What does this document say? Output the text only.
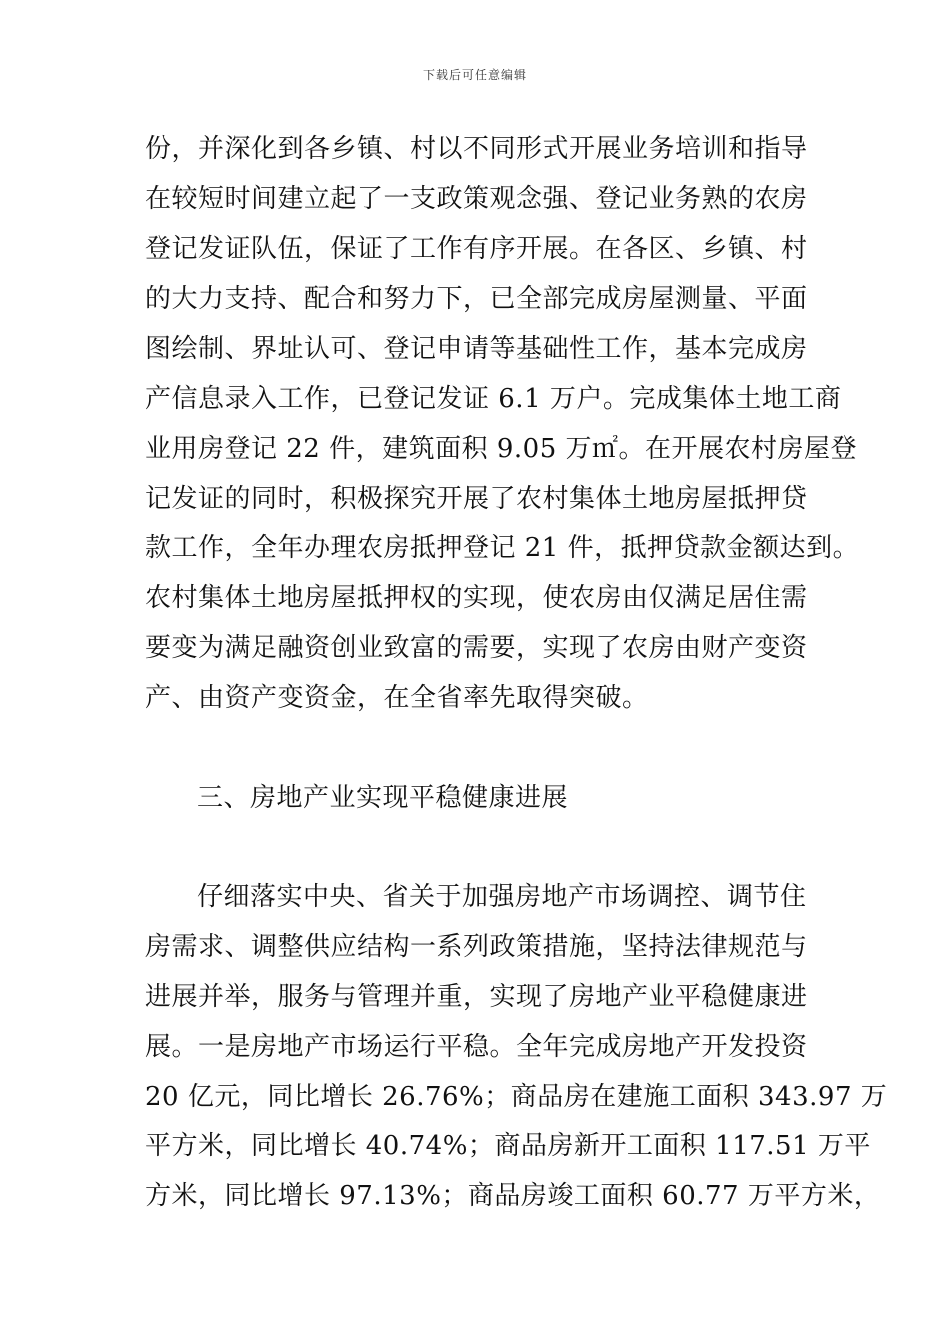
下载后可任意编辑
份，并深化到各乡镇、村以不同形式开展业务培训和指导
在较短时间建立起了一支政策观念强、登记业务熟的农房
登记发证队伍，保证了工作有序开展。在各区、乡镇、村
的大力支持、配合和努力下，已全部完成房屋测量、平面
图绘制、界址认可、登记申请等基础性工作，基本完成房
产信息录入工作，已登记发证 6.1 万户。完成集体土地工商
业用房登记 22 件，建筑面积 9.05 万㎡。在开展农村房屋登
记发证的同时，积极探究开展了农村集体土地房屋抵押贷
款工作，全年办理农房抵押登记 21 件，抵押贷款金额达到。
农村集体土地房屋抵押权的实现，使农房由仅满足居住需
要变为满足融资创业致富的需要，实现了农房由财产变资
产、由资产变资金，在全省率先取得突破。
三、房地产业实现平稳健康进展
仔细落实中央、省关于加强房地产市场调控、调节住
房需求、调整供应结构一系列政策措施，坚持法律规范与
进展并举，服务与管理并重，实现了房地产业平稳健康进
展。一是房地产市场运行平稳。全年完成房地产开发投资
20 亿元，同比增长 26.76%；商品房在建施工面积 343.97 万
平方米，同比增长 40.74%；商品房新开工面积 117.51 万平
方米，同比增长 97.13%；商品房竣工面积 60.77 万平方米，
